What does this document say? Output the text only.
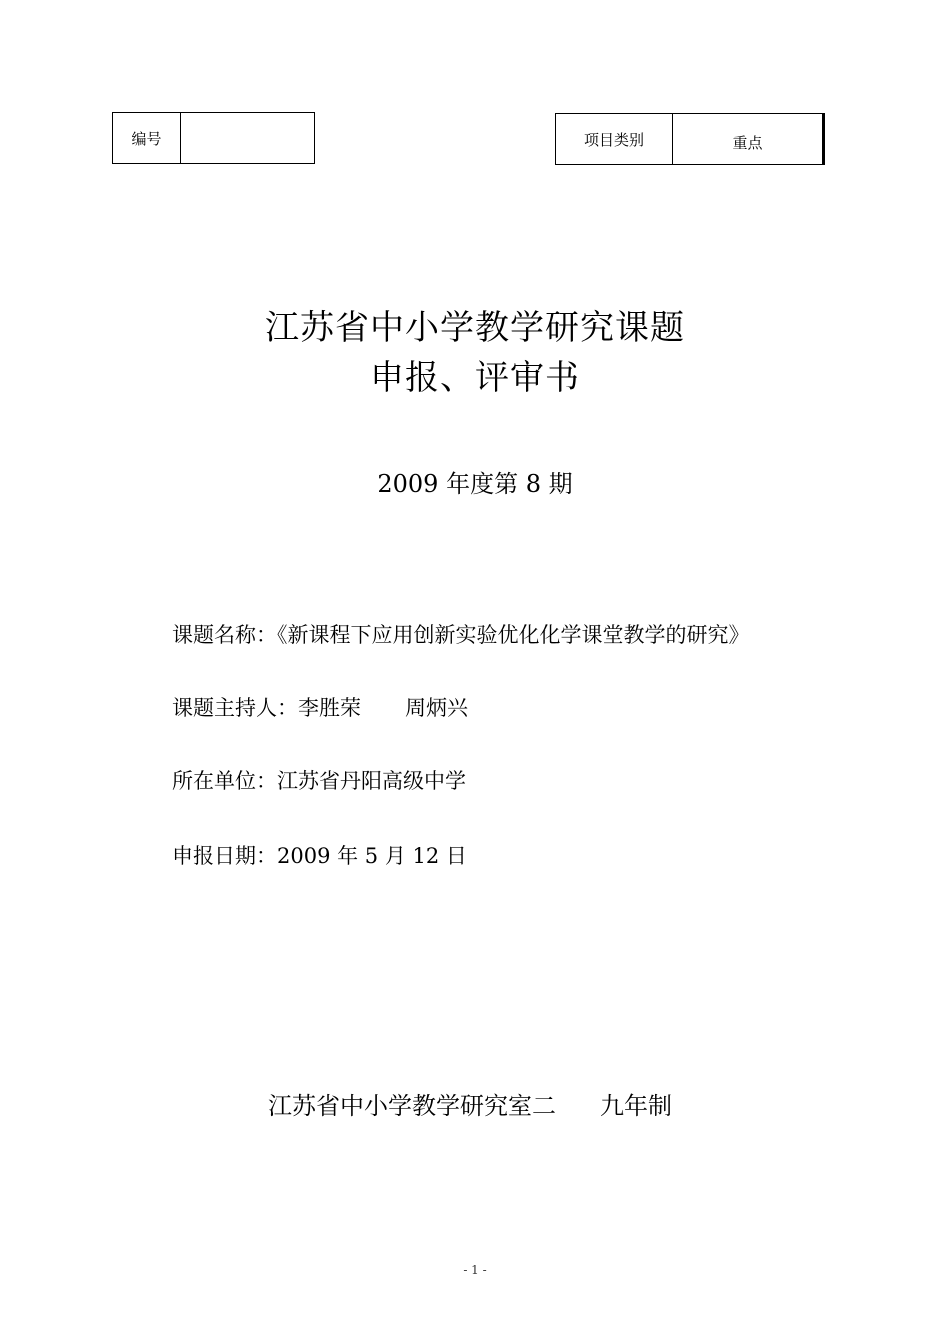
编号	项目类别	重点
江苏省中小学教学研究课题
申报、评审书
2009 年度第 8 期
课题名称：《新课程下应用创新实验优化化学课堂教学的研究》
课题主持人：李胜荣 周炳兴
所在单位：江苏省丹阳高级中学
申报日期：2009 年 5 月 12 日
江苏省中小学教学研究室二 九年制
- 1 -
